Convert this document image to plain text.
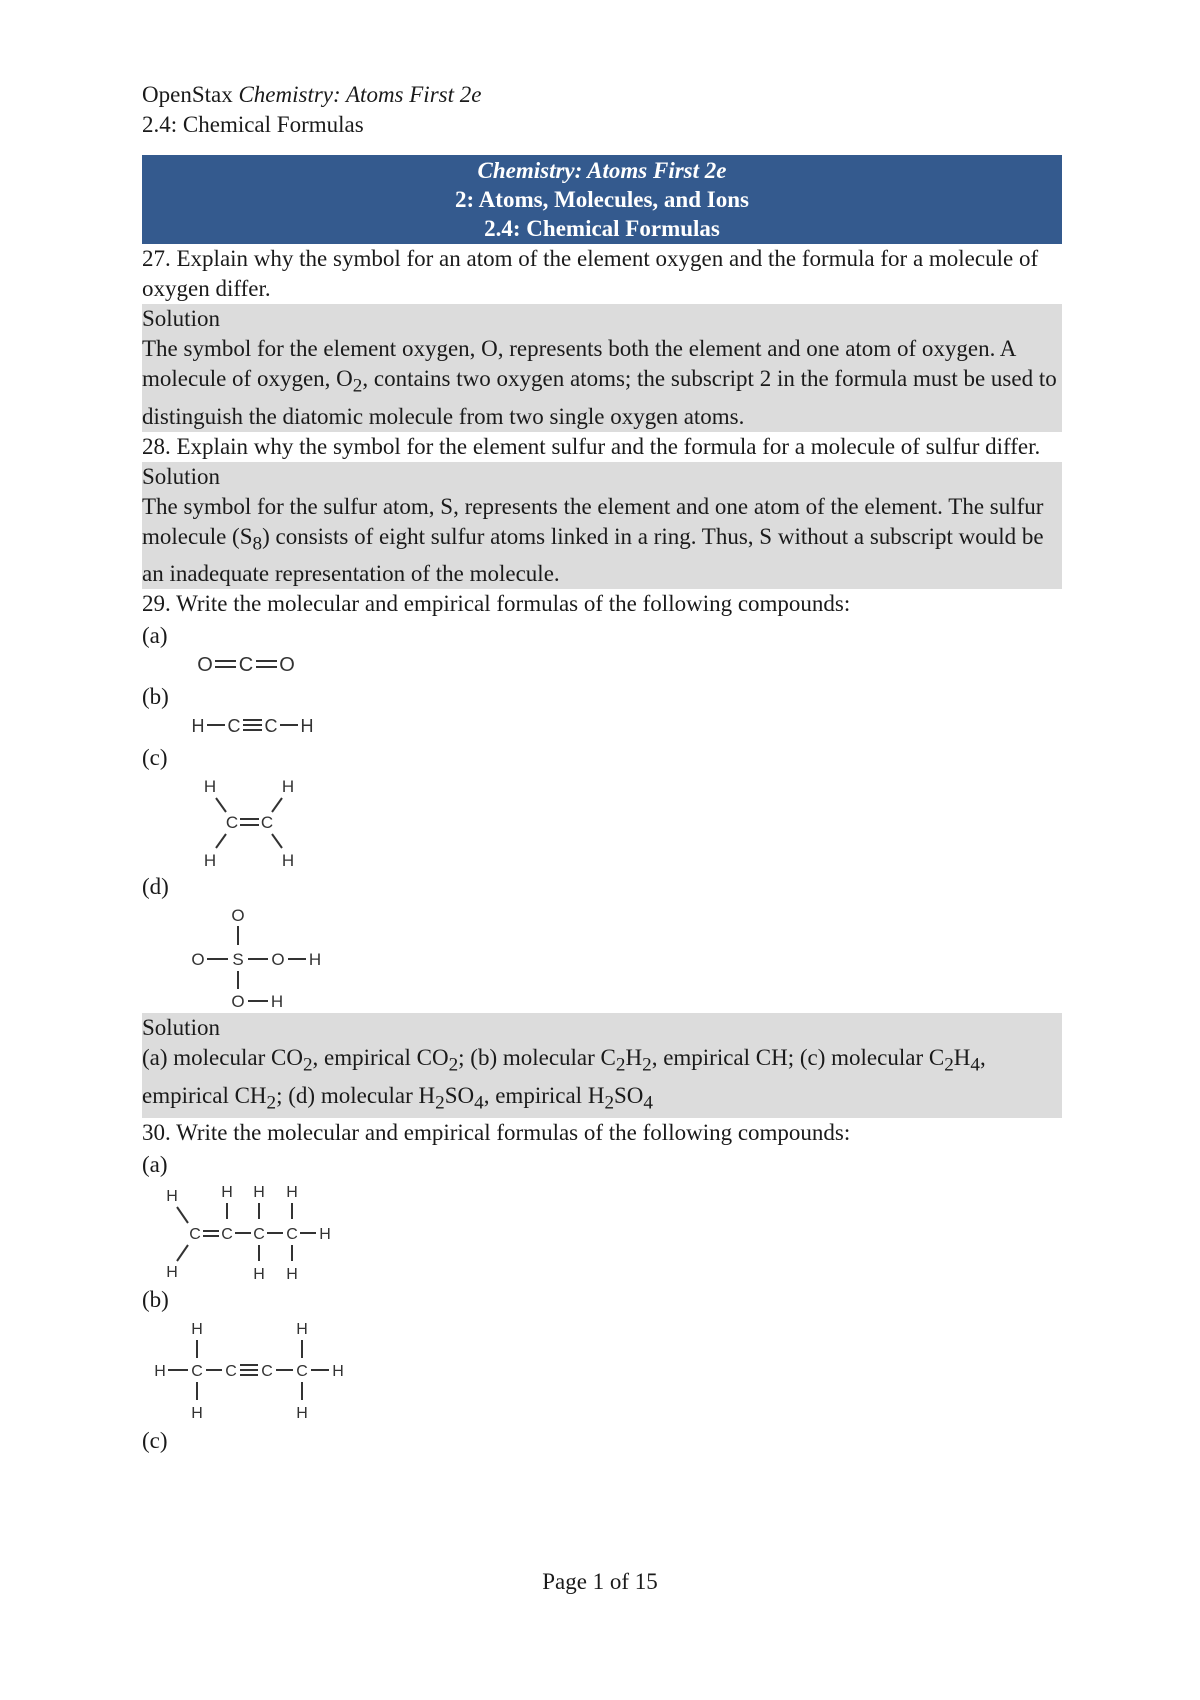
OpenStax Chemistry: Atoms First 2e
2.4: Chemical Formulas
Chemistry: Atoms First 2e
2: Atoms, Molecules, and Ions
2.4: Chemical Formulas
27. Explain why the symbol for an atom of the element oxygen and the formula for a molecule of oxygen differ.
Solution
The symbol for the element oxygen, O, represents both the element and one atom of oxygen. A molecule of oxygen, $O_2$, contains two oxygen atoms; the subscript 2 in the formula must be used to distinguish the diatomic molecule from two single oxygen atoms.
28. Explain why the symbol for the element sulfur and the formula for a molecule of sulfur differ.
Solution
The symbol for the sulfur atom, S, represents the element and one atom of the element. The sulfur molecule $(S_8)$ consists of eight sulfur atoms linked in a ring. Thus, S without a subscript would be an inadequate representation of the molecule.
29. Write the molecular and empirical formulas of the following compounds:
(a)
O C O
(b)
H C C H
(c)
H	H
C C
H	H
(d)
O
O S O H
O H
Solution
(a) molecular $CO_2$, empirical $CO_2$; (b) molecular $C_2H_2$, empirical CH; (c) molecular $C_2H_4$, empirical $CH_2$; (d) molecular $H_2SO_4$, empirical $H_2SO_4$
30. Write the molecular and empirical formulas of the following compounds:
(a)
H
H
C C
H
C
H
H
C
H
H
H
(b)
H
H C
H
C C
H
C
H
H
(c)
Page 1 of 15
